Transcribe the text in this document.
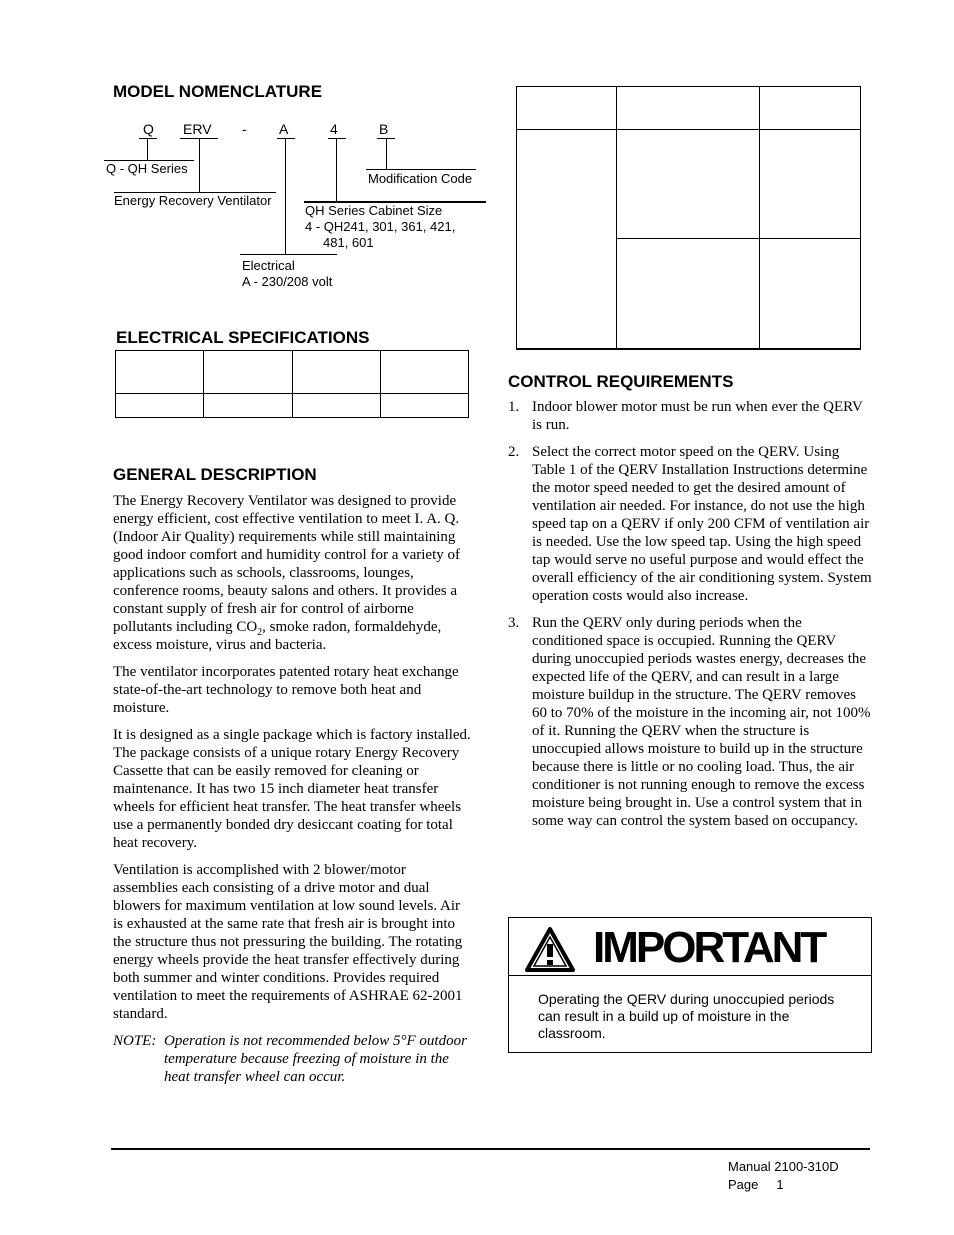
MODEL NOMENCLATURE
Q ERV - A	4	B
Q - QH Series
Energy Recovery Ventilator
Modification Code
QH Series Cabinet Size
4 - QH241, 301, 361, 421,
481, 601
Electrical
A - 230/208 volt
ELECTRICAL SPECIFICATIONS

GENERAL DESCRIPTION

The Energy Recovery Ventilator was designed to provide energy efficient, cost effective ventilation to meet I. A. Q. (Indoor Air Quality) requirements while still maintaining good indoor comfort and humidity control for a variety of applications such as schools, classrooms, lounges, conference rooms, beauty salons and others. It provides a constant supply of fresh air for control of airborne pollutants including $CO_2$, smoke radon, formaldehyde, excess moisture, virus and bacteria.

The ventilator incorporates patented rotary heat exchange state-of-the-art technology to remove both heat and moisture.

It is designed as a single package which is factory installed. The package consists of a unique rotary Energy Recovery Cassette that can be easily removed for cleaning or maintenance. It has two 15 inch diameter heat transfer wheels for efficient heat transfer. The heat transfer wheels use a permanently bonded dry desiccant coating for total heat recovery.

Ventilation is accomplished with 2 blower/motor assemblies each consisting of a drive motor and dual blowers for maximum ventilation at low sound levels. Air is exhausted at the same rate that fresh air is brought into the structure thus not pressuring the building. The rotating energy wheels provide the heat transfer effectively during both summer and winter conditions. Provides required ventilation to meet the requirements of ASHRAE 62-2001 standard.

NOTE: Operation is not recommended below 5°F outdoor temperature because freezing of moisture in the heat transfer wheel can occur.
CONTROL REQUIREMENTS
1. Indoor blower motor must be run when ever the QERV is run.
2. Select the correct motor speed on the QERV. Using Table 1 of the QERV Installation Instructions determine the motor speed needed to get the desired amount of ventilation air needed. For instance, do not use the high speed tap on a QERV if only 200 CFM of ventilation air is needed. Use the low speed tap. Using the high speed tap would serve no useful purpose and would effect the overall efficiency of the air conditioning system. System operation costs would also increase.
3. Run the QERV only during periods when the conditioned space is occupied. Running the QERV during unoccupied periods wastes energy, decreases the expected life of the QERV, and can result in a large moisture buildup in the structure. The QERV removes 60 to 70% of the moisture in the incoming air, not 100% of it. Running the QERV when the structure is unoccupied allows moisture to build up in the structure because there is little or no cooling load. Thus, the air conditioner is not running enough to remove the excess moisture being brought in. Use a control system that in some way can control the system based on occupancy.
IMPORTANT
Operating the QERV during unoccupied periods can result in a build up of moisture in the classroom.
Manual 2100-310D
Page     1
